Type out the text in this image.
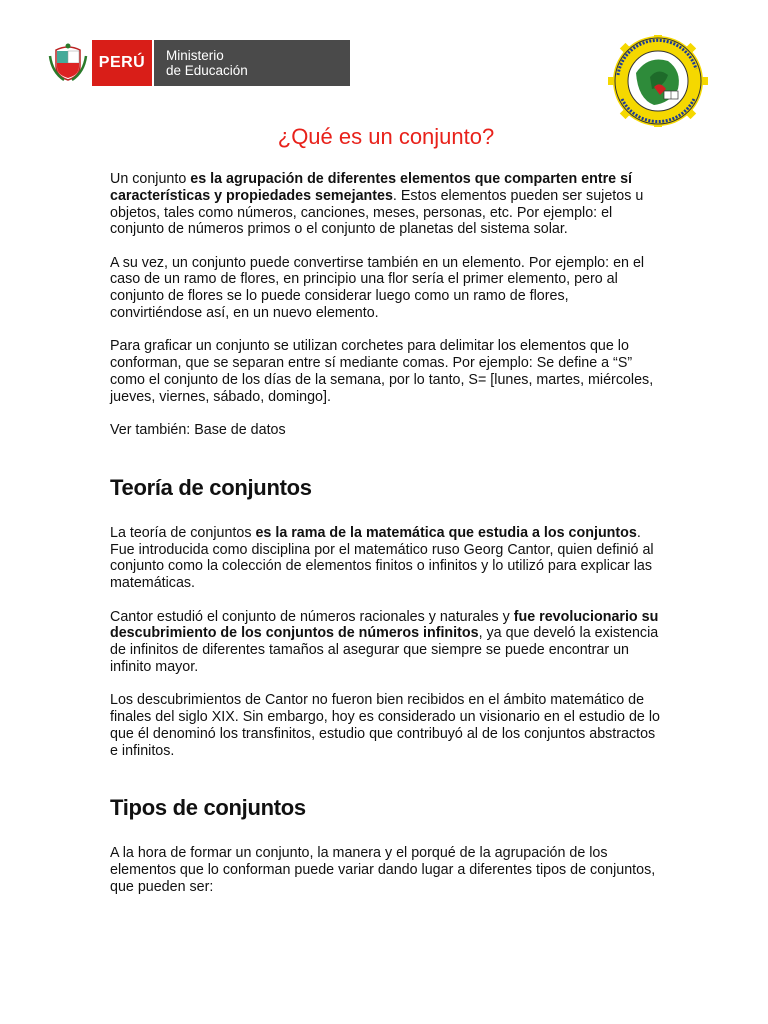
PERÚ	Ministerio
de Educación
¿Qué es un conjunto?

Un conjunto es la agrupación de diferentes elementos que comparten entre sí características y propiedades semejantes. Estos elementos pueden ser sujetos u objetos, tales como números, canciones, meses, personas, etc. Por ejemplo: el conjunto de números primos o el conjunto de planetas del sistema solar.

A su vez, un conjunto puede convertirse también en un elemento. Por ejemplo: en el caso de un ramo de flores, en principio una flor sería el primer elemento, pero al conjunto de flores se lo puede considerar luego como un ramo de flores, convirtiéndose así, en un nuevo elemento.

Para graficar un conjunto se utilizan corchetes para delimitar los elementos que lo conforman, que se separan entre sí mediante comas. Por ejemplo: Se define a “S” como el conjunto de los días de la semana, por lo tanto, S= [lunes, martes, miércoles, jueves, viernes, sábado, domingo].

Ver también: Base de datos

Teoría de conjuntos

La teoría de conjuntos es la rama de la matemática que estudia a los conjuntos. Fue introducida como disciplina por el matemático ruso Georg Cantor, quien definió al conjunto como la colección de elementos finitos o infinitos y lo utilizó para explicar las matemáticas.

Cantor estudió el conjunto de números racionales y naturales y fue revolucionario su descubrimiento de los conjuntos de números infinitos, ya que develó la existencia de infinitos de diferentes tamaños al asegurar que siempre se puede encontrar un infinito mayor.

Los descubrimientos de Cantor no fueron bien recibidos en el ámbito matemático de finales del siglo XIX. Sin embargo, hoy es considerado un visionario en el estudio de lo que él denominó los transfinitos, estudio que contribuyó al de los conjuntos abstractos e infinitos.

Tipos de conjuntos

A la hora de formar un conjunto, la manera y el porqué de la agrupación de los elementos que lo conforman puede variar dando lugar a diferentes tipos de conjuntos, que pueden ser:
